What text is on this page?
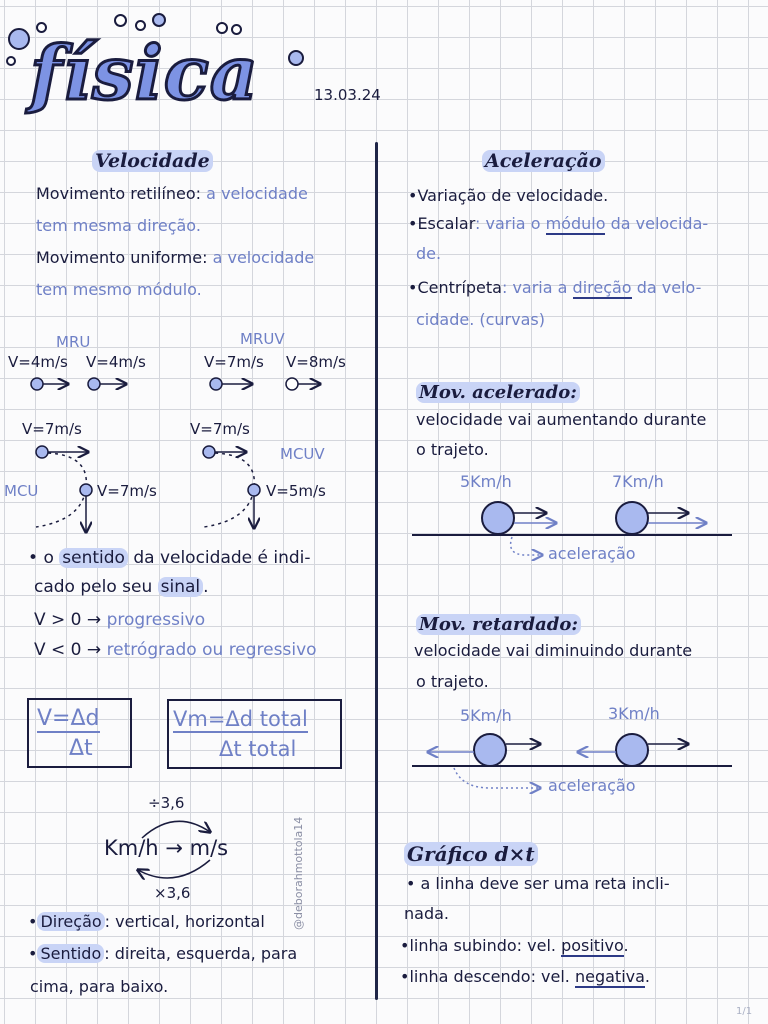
física	13.03.24
Velocidade
Movimento retilíneo: a velocidade
tem mesma direção.
Movimento uniforme: a velocidade
tem mesmo módulo.
MRU
V=4m/s V=4m/s
MRUV
V=7m/s V=8m/s
V=7m/s
V=7m/s
MCU
V=7m/s
V=5m/s
MCUV
• o sentido da velocidade é indi-
cado pelo seu sinal .
V > 0 → progressivo
V < 0 → retrógrado ou regressivo
$\frac{V=\Delta d}{\Delta t} Vm=\Delta d$ total
Δt total
÷3,6
Km/h → m/s
×3,6
• Direção : vertical, horizontal
• Sentido : direita, esquerda, para
cima, para baixo.
@deborahmottola14
Aceleração
•Variação de velocidade.
•Escalar: varia o módulo da velocida-
de.
•Centrípeta: varia a direção da velo-
cidade. (curvas)
Mov. acelerado:
velocidade vai aumentando durante
o trajeto.
5Km/h	7Km/h
aceleração
Mov. retardado:
velocidade vai diminuindo durante
o trajeto.
5Km/h	3Km/h
aceleração
Gráfico d×t
• a linha deve ser uma reta incli-
nada.
•linha subindo: vel. positivo.
•linha descendo: vel. negativa.
1/1
